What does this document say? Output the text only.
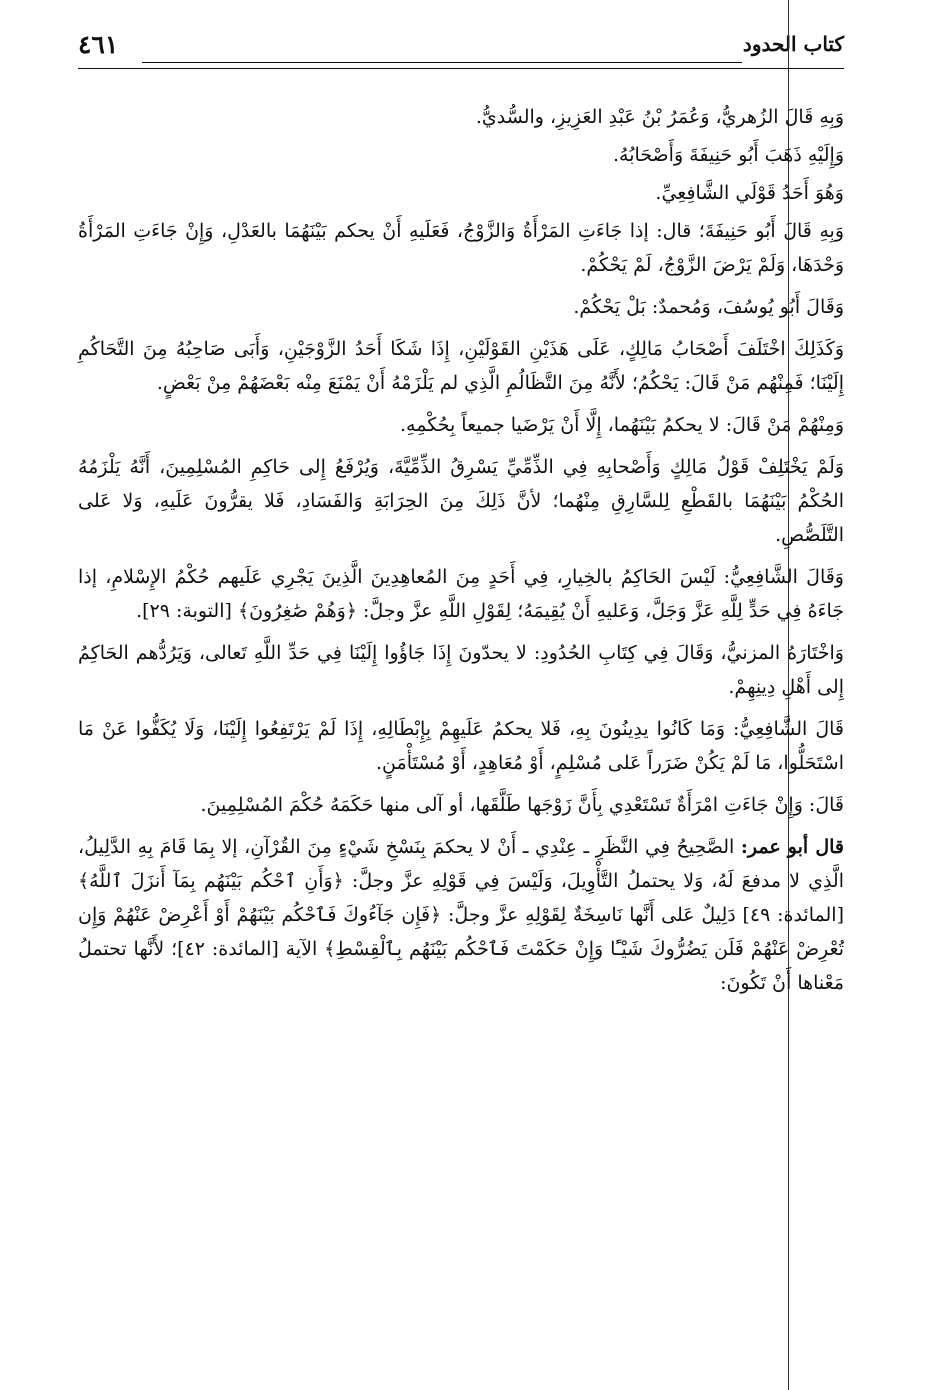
كتاب الحدود
٤٦١

وَبِهِ قَالَ الزُهريُّ، وَعُمَرُ بْنُ عَبْدِ العَزِيزِ، والسُّديُّ.

وَإِلَيْهِ ذَهَبَ أَبُو حَنِيفَةَ وَأَصْحَابُهُ.

وَهُوَ أَحَدُ قَوْلَي الشَّافِعِيِّ.

وَبِهِ قَالَ أَبُو حَنِيفَةَ؛ قال: إذا جَاءَتِ المَرْأَةُ وَالزَّوْجُ، فَعَلَيهِ أَنْ يحكم بَيْنَهُمَا بالعَدْلِ، وَإِنْ جَاءَتِ المَرْأَةُ وَحْدَهَا، وَلَمْ يَرْضَ الزَّوْجُ، لَمْ يَحْكُمْ.

وَقَالَ أَبُو يُوسُفَ، وَمُحمدٌ: بَلْ يَحْكُمْ.

وَكَذَلِكَ اخْتَلَفَ أَصْحَابُ مَالِكٍ، عَلَى هَذَيْنِ القَوْلَيْنِ، إِذَا شَكَا أَحَدُ الزَّوْجَيْنِ، وَأَبَى صَاحِبُهُ مِنَ التَّحَاكُمِ إِلَيْنَا؛ فَمِنْهُم مَنْ قَالَ: يَحْكُمُ؛ لأَنَّهُ مِنَ التَّظَالُمِ الَّذِي لم يَلْزَمْهُ أَنْ يَمْنَعَ مِنْه بَعْضَهُمْ مِنْ بَعْضٍ.

وَمِنْهُمْ مَنْ قَالَ: لا يحكمُ بَيْنَهُما، إِلَّا أَنْ يَرْضَيا جميعاً بِحُكْمِهِ.

وَلَمْ يَخْتَلِفْ قَوْلُ مَالِكٍ وَأَصْحابِهِ فِي الذِّمِّيِّ يَسْرِقُ الذِّمِّيَّةَ، وَيُرْفَعُ إِلى حَاكِمِ المُسْلِمِينَ، أَنَّهُ يَلْزَمُهُ الحُكْمُ بَيْنَهُمَا بالقَطْعِ لِلسَّارِقِ مِنْهُما؛ لأنَّ ذَلِكَ مِنَ الحِرَابَةِ وَالفَسَادِ، فَلا يقرُّونَ عَلَيهِ، وَلا عَلى التَّلَصُّصِ.

وَقَالَ الشَّافِعِيُّ: لَيْسَ الحَاكِمُ بالخِيارِ، فِي أَحَدٍ مِنَ المُعاهِدِينَ الَّذِينَ يَجْرِي عَلَيهم حُكْمُ الإِسْلامِ، إذا جَاءَهُ فِي حَدٍّ لِلَّهِ عَزَّ وَجَلَّ، وَعَليهِ أَنْ يُقِيمَهُ؛ لِقَوْلِ اللَّهِ عزَّ وجلَّ: ﴿وَهُمْ صَٰغِرُونَ﴾ [التوبة: ٢٩].

وَاخْتَارَهُ المزنيُّ، وَقَالَ فِي كِتَابِ الحُدُودِ: لا يحدّونَ إِذَا جَاؤُوا إِلَيْنَا فِي حَدِّ اللَّهِ تَعالى، وَيَرُدُّهم الحَاكِمُ إِلى أَهْلِ دِينِهِمْ.

قَالَ الشَّافِعِيُّ: وَمَا كَانُوا يدِينُونَ بِهِ، فَلا يحكمُ عَلَيهِمْ بِإِبْطَالِهِ، إِذَا لَمْ يَرْتَفِعُوا إِلَيْنَا، وَلَا يُكَفُّوا عَنْ مَا اسْتَحَلُّوا، مَا لَمْ يَكُنْ ضَرَراً عَلى مُسْلِمٍ، أَوْ مُعَاهِدٍ، أَوْ مُسْتَأْمَنٍ.

قَالَ: وَإِنْ جَاءَتِ امْرَأَةٌ تَسْتَعْدِي بِأَنَّ زَوْجَها طَلَّقَها، أو آلى منها حَكَمَهُ حُكْمَ المُسْلِمِينَ.

قال أبو عمر: الصَّحِيحُ فِي النَّظَرِ ـ عِنْدِي ـ أَنْ لا يحكمَ بِنَسْخِ شَيْءٍ مِنَ القُرْآنِ، إلا بِمَا قَامَ بِهِ الدَّلِيلُ، الَّذِي لا مدفعَ لَهُ، وَلا يحتملُ التَّأْوِيلَ، وَلَيْسَ فِي قَوْلِهِ عزَّ وجلَّ: ﴿وَأَنِ ٱحْكُم بَيْنَهُم بِمَآ أَنزَلَ ٱللَّهُ﴾ [المائدة: ٤٩] دَلِيلٌ عَلى أَنَّها نَاسِخَةٌ لِقَوْلِهِ عزَّ وجلَّ: ﴿فَإِن جَآءُوكَ فَٱحْكُم بَيْنَهُمْ أَوْ أَعْرِضْ عَنْهُمْ وَإِن تُعْرِضْ عَنْهُمْ فَلَن يَضُرُّوكَ شَيْـًٔا وَإِنْ حَكَمْتَ فَٱحْكُم بَيْنَهُم بِٱلْقِسْطِ﴾ الآية [المائدة: ٤٢]؛ لأَنَّها تحتملُ مَعْناها أَنْ تَكُونَ:
